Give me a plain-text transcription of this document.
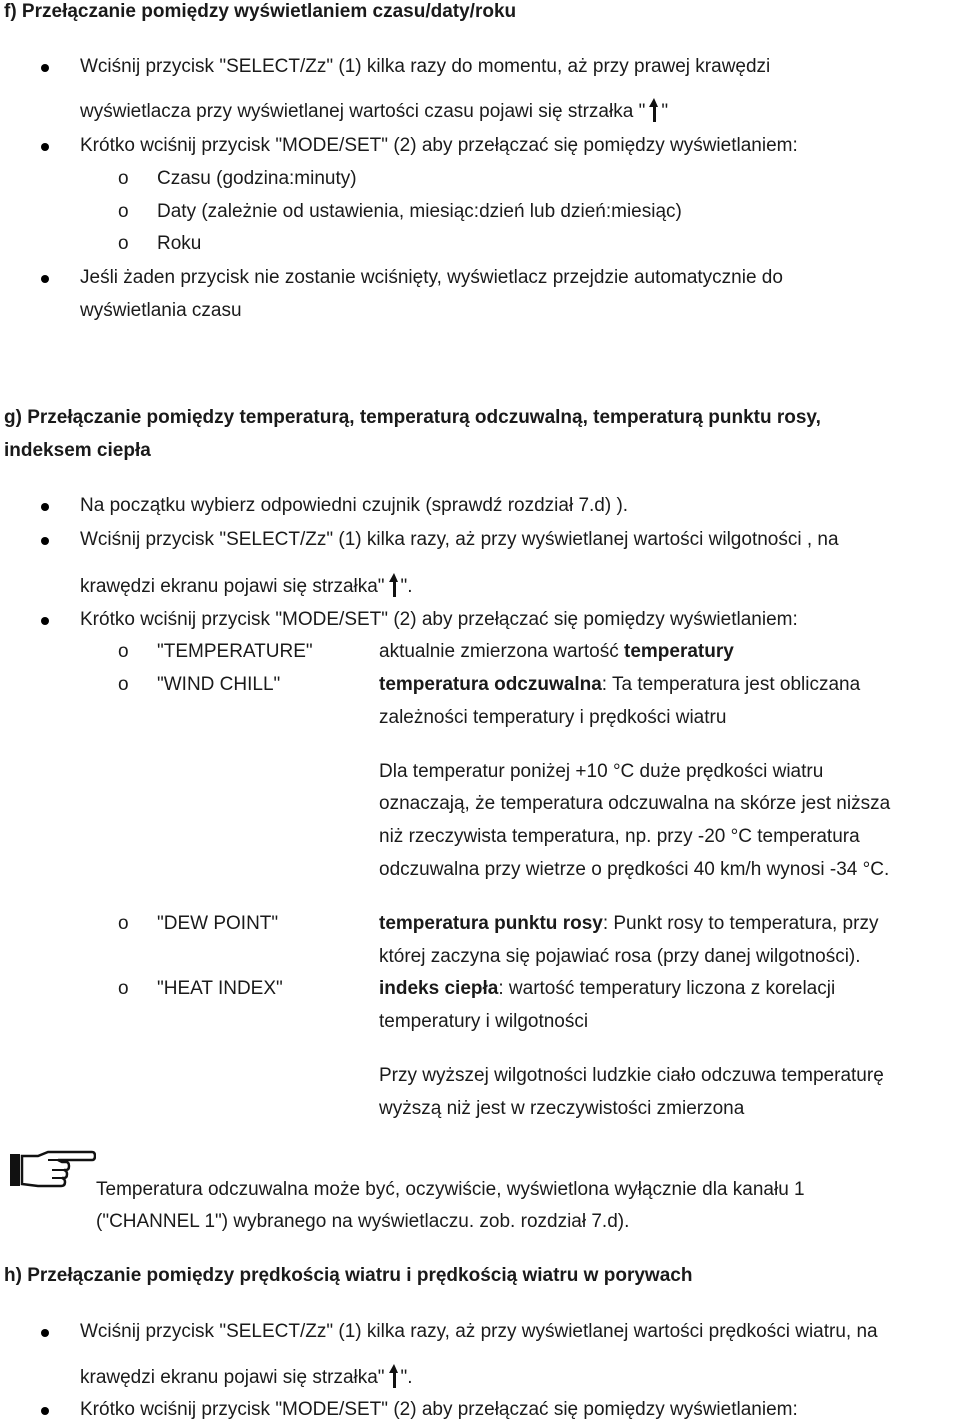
f) Przełączanie pomiędzy wyświetlaniem czasu/daty/roku
Wciśnij przycisk "SELECT/Zz" (1) kilka razy do momentu, aż przy prawej krawędzi
wyświetlacza przy wyświetlanej wartości czasu pojawi się strzałka " "
Krótko wciśnij przycisk "MODE/SET" (2) aby przełączać się pomiędzy wyświetlaniem:
o Czasu (godzina:minuty)
o Daty (zależnie od ustawienia, miesiąc:dzień lub dzień:miesiąc)
o Roku
Jeśli żaden przycisk nie zostanie wciśnięty, wyświetlacz przejdzie automatycznie do
wyświetlania czasu
g) Przełączanie pomiędzy temperaturą, temperaturą odczuwalną, temperaturą punktu rosy,
indeksem ciepła
Na początku wybierz odpowiedni czujnik (sprawdź rozdział 7.d) ).
Wciśnij przycisk "SELECT/Zz" (1) kilka razy, aż przy wyświetlanej wartości wilgotności , na
krawędzi ekranu pojawi się strzałka" ".
Krótko wciśnij przycisk "MODE/SET" (2) aby przełączać się pomiędzy wyświetlaniem:
o "TEMPERATURE"	aktualnie zmierzona wartość temperatury
o "WIND CHILL"	temperatura odczuwalna: Ta temperatura jest obliczana
zależności temperatury i prędkości wiatru
Dla temperatur poniżej +10 °C duże prędkości wiatru
oznaczają, że temperatura odczuwalna na skórze jest niższa
niż rzeczywista temperatura, np. przy -20 °C temperatura
odczuwalna przy wietrze o prędkości 40 km/h wynosi -34 °C.
o "DEW POINT"	temperatura punktu rosy: Punkt rosy to temperatura, przy
której zaczyna się pojawiać rosa (przy danej wilgotności).
o "HEAT INDEX"	indeks ciepła: wartość temperatury liczona z korelacji
temperatury i wilgotności
Przy wyższej wilgotności ludzkie ciało odczuwa temperaturę
wyższą niż jest w rzeczywistości zmierzona
Temperatura odczuwalna może być, oczywiście, wyświetlona wyłącznie dla kanału 1
("CHANNEL 1") wybranego na wyświetlaczu. zob. rozdział 7.d).
h) Przełączanie pomiędzy prędkością wiatru i prędkością wiatru w porywach
Wciśnij przycisk "SELECT/Zz" (1) kilka razy, aż przy wyświetlanej wartości prędkości wiatru, na
krawędzi ekranu pojawi się strzałka" ".
Krótko wciśnij przycisk "MODE/SET" (2) aby przełączać się pomiędzy wyświetlaniem:
